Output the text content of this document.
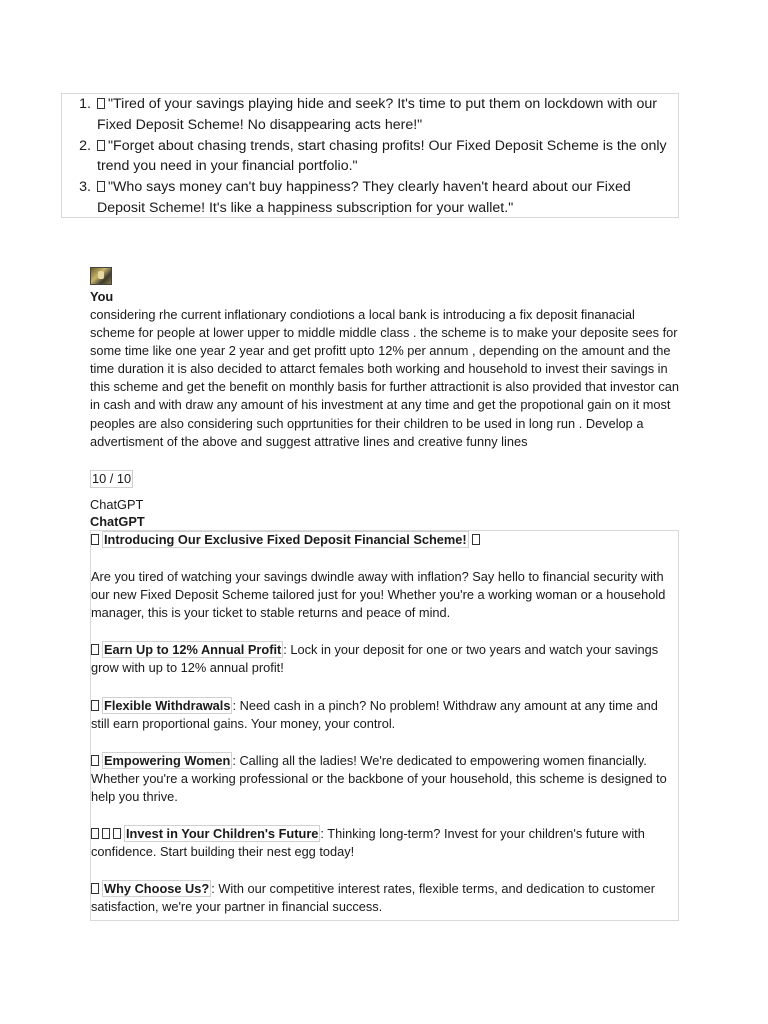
1.	"Tired of your savings playing hide and seek? It's time to put them on lockdown with our Fixed Deposit Scheme! No disappearing acts here!"
2.	"Forget about chasing trends, start chasing profits! Our Fixed Deposit Scheme is the only trend you need in your financial portfolio."
3.	"Who says money can't buy happiness? They clearly haven't heard about our Fixed Deposit Scheme! It's like a happiness subscription for your wallet."
You
considering rhe current inflationary condiotions a local bank is introducing a fix deposit finanacial scheme for people at lower upper to middle middle class . the scheme is to make your deposite sees for some time like one year 2 year and get profitt upto 12% per annum , depending on the amount and the time duration it is also decided to attarct females both working and household to invest their savings in this scheme and get the benefit on monthly basis for further attractionit is also provided that investor can in cash and with draw any amount of his investment at any time and get the propotional gain on it most peoples are also considering such opprtunities for their children to be used in long run . Develop a advertisment of the above and suggest attrative lines and creative funny lines
10 / 10
ChatGPT
ChatGPT

Introducing Our Exclusive Fixed Deposit Financial Scheme!

Are you tired of watching your savings dwindle away with inflation? Say hello to financial security with our new Fixed Deposit Scheme tailored just for you! Whether you're a working woman or a household manager, this is your ticket to stable returns and peace of mind.

Earn Up to 12% Annual Profit : Lock in your deposit for one or two years and watch your savings grow with up to 12% annual profit!

Flexible Withdrawals : Need cash in a pinch? No problem! Withdraw any amount at any time and still earn proportional gains. Your money, your control.

Empowering Women : Calling all the ladies! We're dedicated to empowering women financially. Whether you're a working professional or the backbone of your household, this scheme is designed to help you thrive.

Invest in Your Children's Future : Thinking long-term? Invest for your children's future with confidence. Start building their nest egg today!

Why Choose Us? : With our competitive interest rates, flexible terms, and dedication to customer satisfaction, we're your partner in financial success.
